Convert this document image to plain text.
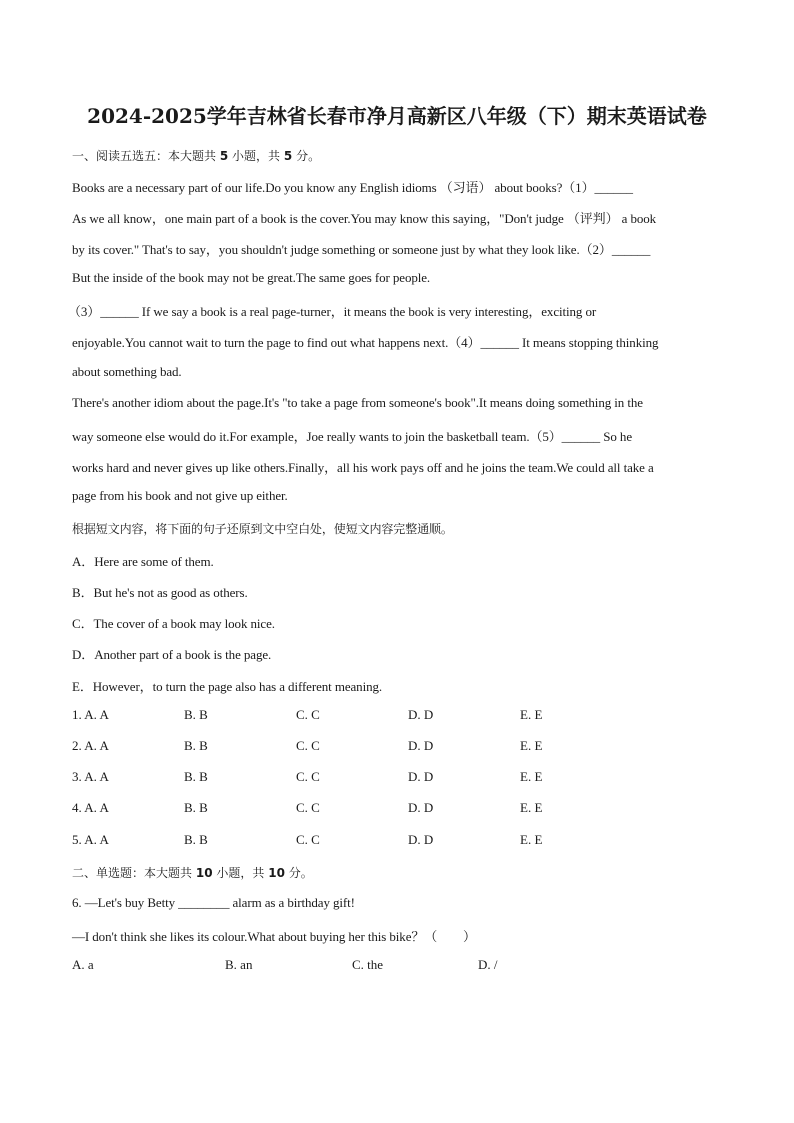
2024-2025学年吉林省长春市净月高新区八年级（下）期末英语试卷
一、阅读五选五：本大题共 5 小题，共 5 分。
Books are a necessary part of our life.Do you know any English idioms （习语） about books?（1）______
As we all know，one main part of a book is the cover.You may know this saying，"Don't judge （评判） a book
by its cover." That's to say，you shouldn't judge something or someone just by what they look like.（2）______
But the inside of the book may not be great.The same goes for people.
（3）______ If we say a book is a real page-turner，it means the book is very interesting，exciting or
enjoyable.You cannot wait to turn the page to find out what happens next.（4）______ It means stopping thinking
about something bad.
There's another idiom about the page.It's "to take a page from someone's book".It means doing something in the
way someone else would do it.For example，Joe really wants to join the basketball team.（5）______ So he
works hard and never gives up like others.Finally，all his work pays off and he joins the team.We could all take a
page from his book and not give up either.
根据短文内容，将下面的句子还原到文中空白处，使短文内容完整通顺。
A．Here are some of them.
B．But he's not as good as others.
C．The cover of a book may look nice.
D．Another part of a book is the page.
E．However，to turn the page also has a different meaning.
1. A. A	B. B	C. C	D. D	E. E
2. A. A	B. B	C. C	D. D	E. E
3. A. A	B. B	C. C	D. D	E. E
4. A. A	B. B	C. C	D. D	E. E
5. A. A	B. B	C. C	D. D	E. E
二、单选题：本大题共 10 小题，共 10 分。
6. —Let's buy Betty ________ alarm as a birthday gift!
—I don't think she likes its colour.What about buying her this bike？（　　）
A. a	B. an	C. the	D. /
